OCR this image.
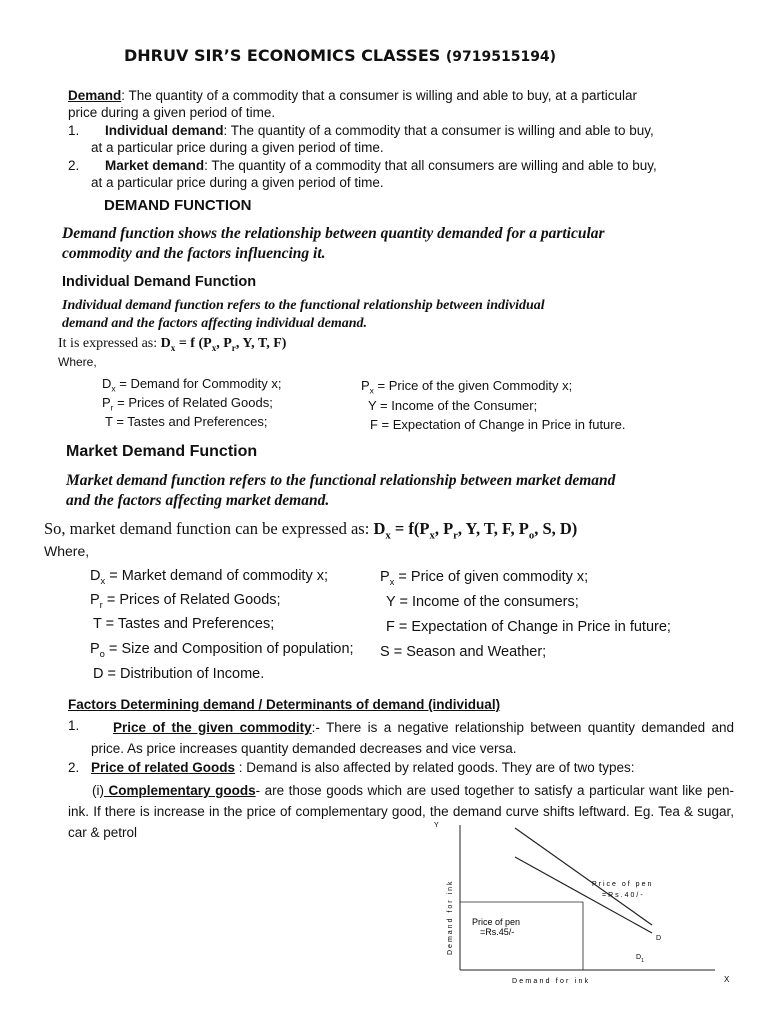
DHRUV SIR’S ECONOMICS CLASSES (9719515194)
Demand: The quantity of a commodity that a consumer is willing and able to buy, at a particular
price during a given period of time.
1. Individual demand: The quantity of a commodity that a consumer is willing and able to buy,
at a particular price during a given period of time.
2. Market demand: The quantity of a commodity that all consumers are willing and able to buy,
at a particular price during a given period of time.
DEMAND FUNCTION
Demand function shows the relationship between quantity demanded for a particular
commodity and the factors influencing it.
Individual Demand Function
Individual demand function refers to the functional relationship between individual
demand and the factors affecting individual demand.
It is expressed as: $D_x = f$ ($P_x$, $P_r$, Y, T, F)
Where,
$D_x$ = Demand for Commodity x;
$P_r$ = Prices of Related Goods;
T = Tastes and Preferences;
$P_x$ = Price of the given Commodity x;
Y = Income of the Consumer;
F = Expectation of Change in Price in future.
Market Demand Function
Market demand function refers to the functional relationship between market demand
and the factors affecting market demand.
So, market demand function can be expressed as: $D_x = f(P_x$, $P_r$, Y, T, F, $P_o$, S, D)
Where,
$D_x$ = Market demand of commodity x;
$P_r$ = Prices of Related Goods;
T = Tastes and Preferences;
$P_o$ = Size and Composition of population;
D = Distribution of Income.
$P_x$ = Price of given commodity x;
Y = Income of the consumers;
F = Expectation of Change in Price in future;
S = Season and Weather;
Factors Determining demand / Determinants of demand (individual)
1.	Price of the given commodity:- There is a negative relationship between quantity demanded and price. As price increases quantity demanded decreases and vice versa.
2. Price of related Goods : Demand is also affected by related goods. They are of two types:
(i) Complementary goods- are those goods which are used together to satisfy a particular want like pen-ink. If there is increase in the price of complementary good, the demand curve shifts leftward. Eg. Tea & sugar, car & petrol	Y
X
Demand for ink
Demand for ink
Price of pen
=Rs.40/-
Price of pen
=Rs.45/-
D
$D_1$
